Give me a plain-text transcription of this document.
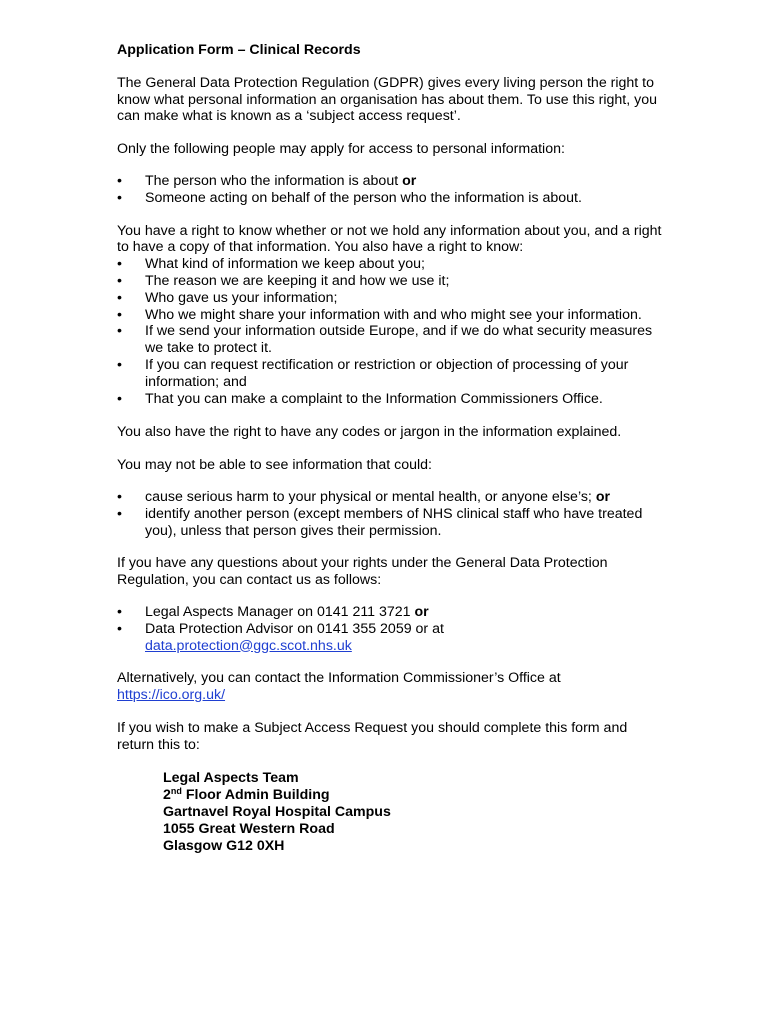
Application Form – Clinical Records

The General Data Protection Regulation (GDPR) gives every living person the right to know what personal information an organisation has about them. To use this right, you can make what is known as a ‘subject access request’.

Only the following people may apply for access to personal information:

•	The person who the information is about or
•	Someone acting on behalf of the person who the information is about.

You have a right to know whether or not we hold any information about you, and a right to have a copy of that information. You also have a right to know:

•	What kind of information we keep about you;
•	The reason we are keeping it and how we use it;
•	Who gave us your information;
•	Who we might share your information with and who might see your information.
•	If we send your information outside Europe, and if we do what security measures we take to protect it.
•	If you can request rectification or restriction or objection of processing of your information; and
•	That you can make a complaint to the Information Commissioners Office.

You also have the right to have any codes or jargon in the information explained.

You may not be able to see information that could:

•	cause serious harm to your physical or mental health, or anyone else’s; or
•	identify another person (except members of NHS clinical staff who have treated you), unless that person gives their permission.

If you have any questions about your rights under the General Data Protection Regulation, you can contact us as follows:

•	Legal Aspects Manager on 0141 211 3721 or
•	Data Protection Advisor on 0141 355 2059 or at
data.protection@ggc.scot.nhs.uk

Alternatively, you can contact the Information Commissioner’s Office at
https://ico.org.uk/

If you wish to make a Subject Access Request you should complete this form and return this to:

Legal Aspects Team

2nd Floor Admin Building

Gartnavel Royal Hospital Campus

1055 Great Western Road

Glasgow G12 0XH
